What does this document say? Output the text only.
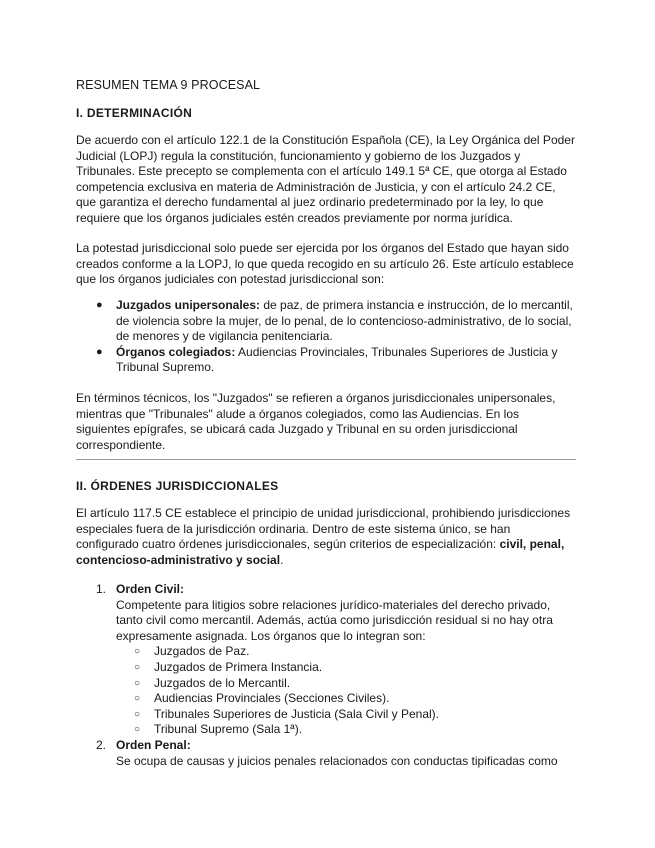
RESUMEN TEMA 9 PROCESAL
I. DETERMINACIÓN
De acuerdo con el artículo 122.1 de la Constitución Española (CE), la Ley Orgánica del Poder Judicial (LOPJ) regula la constitución, funcionamiento y gobierno de los Juzgados y Tribunales. Este precepto se complementa con el artículo 149.1 5ª CE, que otorga al Estado competencia exclusiva en materia de Administración de Justicia, y con el artículo 24.2 CE, que garantiza el derecho fundamental al juez ordinario predeterminado por la ley, lo que requiere que los órganos judiciales estén creados previamente por norma jurídica.
La potestad jurisdiccional solo puede ser ejercida por los órganos del Estado que hayan sido creados conforme a la LOPJ, lo que queda recogido en su artículo 26. Este artículo establece que los órganos judiciales con potestad jurisdiccional son:
● Juzgados unipersonales: de paz, de primera instancia e instrucción, de lo mercantil, de violencia sobre la mujer, de lo penal, de lo contencioso-administrativo, de lo social, de menores y de vigilancia penitenciaria.
● Órganos colegiados: Audiencias Provinciales, Tribunales Superiores de Justicia y Tribunal Supremo.
En términos técnicos, los "Juzgados" se refieren a órganos jurisdiccionales unipersonales, mientras que "Tribunales" alude a órganos colegiados, como las Audiencias. En los siguientes epígrafes, se ubicará cada Juzgado y Tribunal en su orden jurisdiccional correspondiente.
II. ÓRDENES JURISDICCIONALES
El artículo 117.5 CE establece el principio de unidad jurisdiccional, prohibiendo jurisdicciones especiales fuera de la jurisdicción ordinaria. Dentro de este sistema único, se han configurado cuatro órdenes jurisdiccionales, según criterios de especialización: civil, penal, contencioso-administrativo y social.
1. Orden Civil:
Competente para litigios sobre relaciones jurídico-materiales del derecho privado, tanto civil como mercantil. Además, actúa como jurisdicción residual si no hay otra expresamente asignada. Los órganos que lo integran son:
○ Juzgados de Paz.
○ Juzgados de Primera Instancia.
○ Juzgados de lo Mercantil.
○ Audiencias Provinciales (Secciones Civiles).
○ Tribunales Superiores de Justicia (Sala Civil y Penal).
○ Tribunal Supremo (Sala 1ª).
2. Orden Penal:
Se ocupa de causas y juicios penales relacionados con conductas tipificadas como
